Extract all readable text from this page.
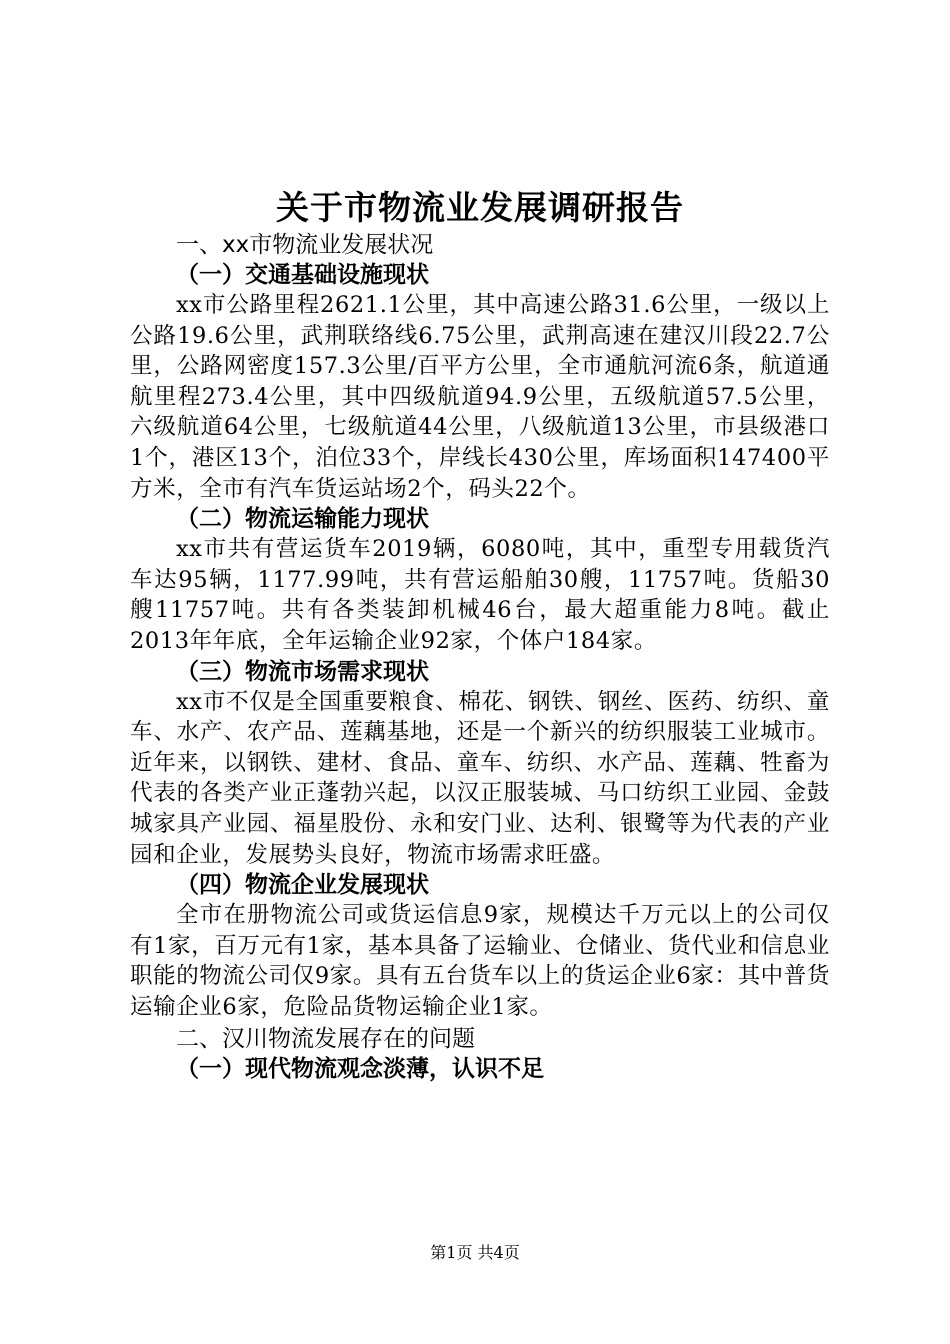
关于市物流业发展调研报告

一、xx市物流业发展状况

（一）交通基础设施现状

xx市公路里程2621.1公里，其中高速公路31.6公里，一级以上公路19.6公里，武荆联络线6.75公里，武荆高速在建汉川段22.7公里，公路网密度157.3公里/百平方公里，全市通航河流6条，航道通航里程273.4公里，其中四级航道94.9公里，五级航道57.5公里，六级航道64公里，七级航道44公里，八级航道13公里，市县级港口1个，港区13个，泊位33个，岸线长430公里，库场面积147400平方米，全市有汽车货运站场2个，码头22个。

（二）物流运输能力现状

xx市共有营运货车2019辆，6080吨，其中，重型专用载货汽车达95辆，1177.99吨，共有营运船舶30艘，11757吨。货船30艘11757吨。共有各类装卸机械46台，最大超重能力8吨。截止2013年年底，全年运输企业92家，个体户184家。

（三）物流市场需求现状

xx市不仅是全国重要粮食、棉花、钢铁、钢丝、医药、纺织、童车、水产、农产品、莲藕基地，还是一个新兴的纺织服装工业城市。近年来，以钢铁、建材、食品、童车、纺织、水产品、莲藕、牲畜为代表的各类产业正蓬勃兴起，以汉正服装城、马口纺织工业园、金鼓城家具产业园、福星股份、永和安门业、达利、银鹭等为代表的产业园和企业，发展势头良好，物流市场需求旺盛。

（四）物流企业发展现状

全市在册物流公司或货运信息9家，规模达千万元以上的公司仅有1家，百万元有1家，基本具备了运输业、仓储业、货代业和信息业职能的物流公司仅9家。具有五台货车以上的货运企业6家：其中普货运输企业6家，危险品货物运输企业1家。

二、汉川物流发展存在的问题

（一）现代物流观念淡薄，认识不足

第1页 共4页
